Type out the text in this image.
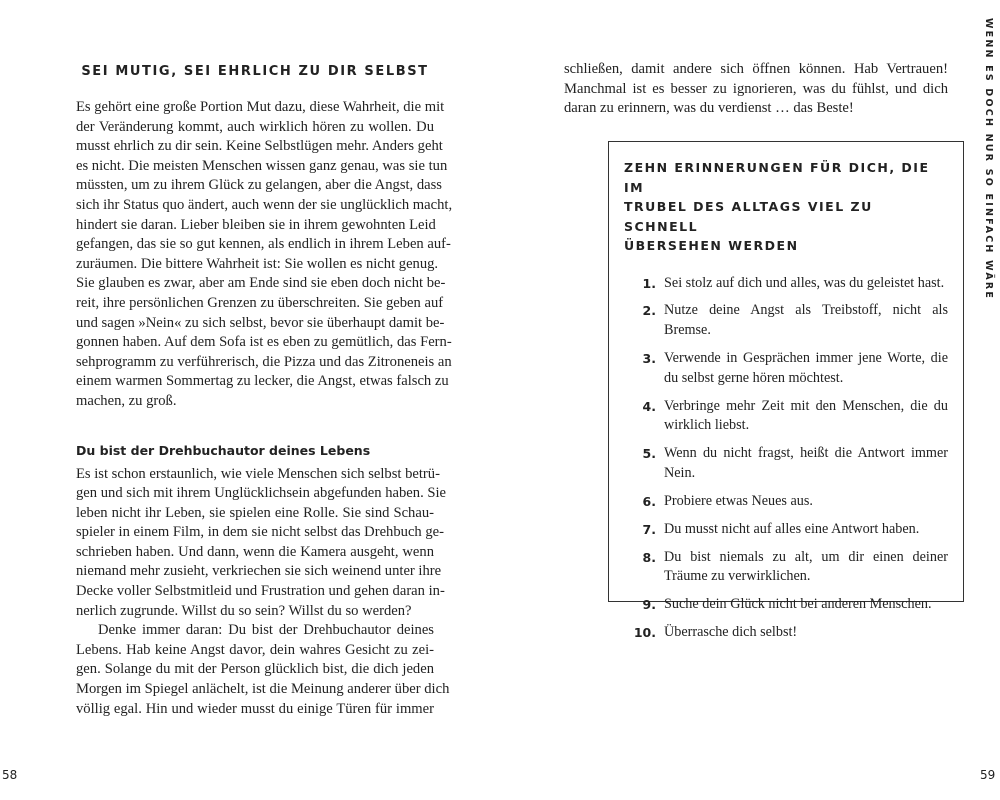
SEI MUTIG, SEI EHRLICH ZU DIR SELBST

Es gehört eine große Portion Mut dazu, diese Wahrheit, die mit
der Veränderung kommt, auch wirklich hören zu wollen. Du
musst ehrlich zu dir sein. Keine Selbstlügen mehr. Anders geht
es nicht. Die meisten Menschen wissen ganz genau, was sie tun
müssten, um zu ihrem Glück zu gelangen, aber die Angst, dass
sich ihr Status quo ändert, auch wenn der sie unglücklich macht,
hindert sie daran. Lieber bleiben sie in ihrem gewohnten Leid
gefangen, das sie so gut kennen, als endlich in ihrem Leben auf-
zuräumen. Die bittere Wahrheit ist: Sie wollen es nicht genug.
Sie glauben es zwar, aber am Ende sind sie eben doch nicht be-
reit, ihre persönlichen Grenzen zu überschreiten. Sie geben auf
und sagen »Nein« zu sich selbst, bevor sie überhaupt damit be-
gonnen haben. Auf dem Sofa ist es eben zu gemütlich, das Fern-
sehprogramm zu verführerisch, die Pizza und das Zitroneneis an
einem warmen Sommertag zu lecker, die Angst, etwas falsch zu
machen, zu groß.

Du bist der Drehbuchautor deines Lebens

Es ist schon erstaunlich, wie viele Menschen sich selbst betrü-
gen und sich mit ihrem Unglücklichsein abgefunden haben. Sie
leben nicht ihr Leben, sie spielen eine Rolle. Sie sind Schau-
spieler in einem Film, in dem sie nicht selbst das Drehbuch ge-
schrieben haben. Und dann, wenn die Kamera ausgeht, wenn
niemand mehr zusieht, verkriechen sie sich weinend unter ihre
Decke voller Selbstmitleid und Frustration und gehen daran in-
nerlich zugrunde. Willst du so sein? Willst du so werden?

Denke immer daran: Du bist der Drehbuchautor deines
Lebens. Hab keine Angst davor, dein wahres Gesicht zu zei-
gen. Solange du mit der Person glücklich bist, die dich jeden
Morgen im Spiegel anlächelt, ist die Meinung anderer über dich
völlig egal. Hin und wieder musst du einige Türen für immer

58

schließen, damit andere sich öffnen können. Hab Vertrauen!
Manchmal ist es besser zu ignorieren, was du fühlst, und dich
daran zu erinnern, was du verdienst … das Beste!

ZEHN ERINNERUNGEN FÜR DICH, DIE IM
TRUBEL DES ALLTAGS VIEL ZU SCHNELL
ÜBERSEHEN WERDEN
1. Sei stolz auf dich und alles, was du geleistet hast.
2. Nutze deine Angst als Treibstoff, nicht als Bremse.
3. Verwende in Gesprächen immer jene Worte, die du selbst gerne hören möchtest.
4. Verbringe mehr Zeit mit den Menschen, die du wirklich liebst.
5. Wenn du nicht fragst, heißt die Antwort immer Nein.
6. Probiere etwas Neues aus.
7. Du musst nicht auf alles eine Antwort haben.
8. Du bist niemals zu alt, um dir einen deiner Träume zu verwirklichen.
9. Suche dein Glück nicht bei anderen Menschen.
10. Überrasche dich selbst!
WENN ES DOCH NUR SO EINFACH WÄRE
59
